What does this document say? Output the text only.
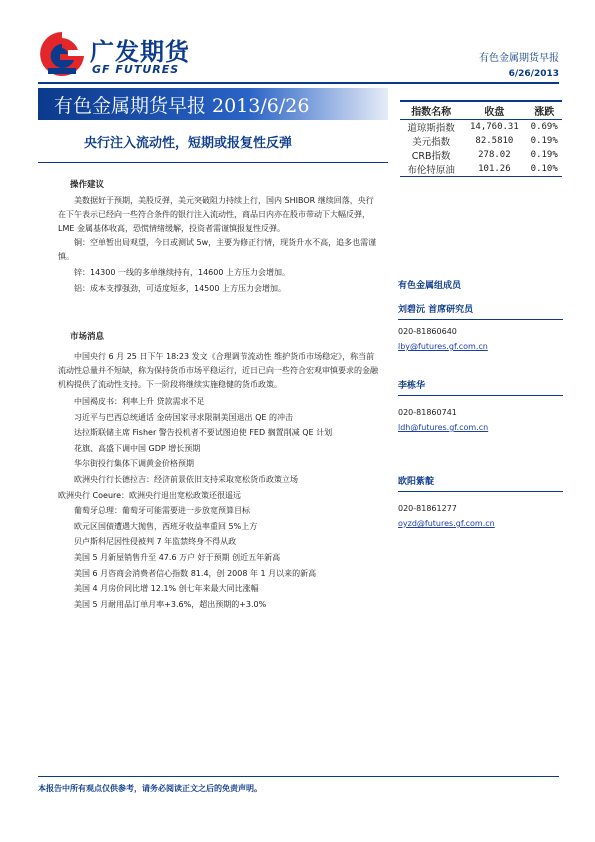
广发期货
GF FUTURES
有色金属期货早报
6/26/2013
有色金属期货早报 2013/6/26
央行注入流动性，短期或报复性反弹
指数名称	收盘	涨跌
道琼斯指数	14,760.31	0.69%
美元指数	82.5810	0.19%
CRB指数	278.02	0.19%
布伦特原油	101.26	0.10%
操作建议

美数据好于预期，美股反弹，美元突破阻力持续上行，国内 SHIBOR 继续回落，央行在下午表示已经向一些符合条件的银行注入流动性，商品日内亦在股市带动下大幅反弹，LME 金属基体收高，恐慌情绪缓解，投资者需谨慎报复性反弹。

铜：空单暂出局观望，今日或测试 5w，主要为修正行情，现货升水不高，追多也需谨慎。

锌：14300 一线的多单继续持有，14600 上方压力会增加。

铝：成本支撑强劲，可适度短多，14500 上方压力会增加。

市场消息
中国央行 6 月 25 日下午 18:23 发文《合理调节流动性 维护货币市场稳定》，称当前流动性总量并不短缺，称为保持货币市场平稳运行，近日已向一些符合宏观审慎要求的金融机构提供了流动性支持。下一阶段将继续实施稳健的货币政策。
中国褐皮书：利率上升 贷款需求不足
习近平与巴西总统通话 金砖国家寻求限制美国退出 QE 的冲击
达拉斯联储主席 Fisher 警告投机者不要试图迫使 FED 搁置削减 QE 计划
花旗、高盛下调中国 GDP 增长预期
华尔街投行集体下调黄金价格预期
欧洲央行行长德拉吉：经济前景依旧支持采取宽松货币政策立场
欧洲央行 Coeure：欧洲央行退出宽松政策还很遥远
葡萄牙总理：葡萄牙可能需要进一步放宽预算目标
欧元区国债遭遇大抛售，西班牙收益率重回 5%上方
贝卢斯科尼因性侵被判 7 年监禁终身不得从政
美国 5 月新屋销售升至 47.6 万户 好于预期 创近五年新高
美国 6 月咨商会消费者信心指数 81.4，创 2008 年 1 月以来的新高
美国 4 月房价同比增 12.1% 创七年来最大同比涨幅
美国 5 月耐用品订单月率+3.6%，超出预期的+3.0%
有色金属组成员
刘碧沅 首席研究员
020-81860640
lby@futures.gf.com.cn
李栋华
020-81860741
ldh@futures.gf.com.cn
欧阳紫靛
020-81861277
oyzd@futures.gf.com.cn
本报告中所有观点仅供参考，请务必阅读正文之后的免责声明。
